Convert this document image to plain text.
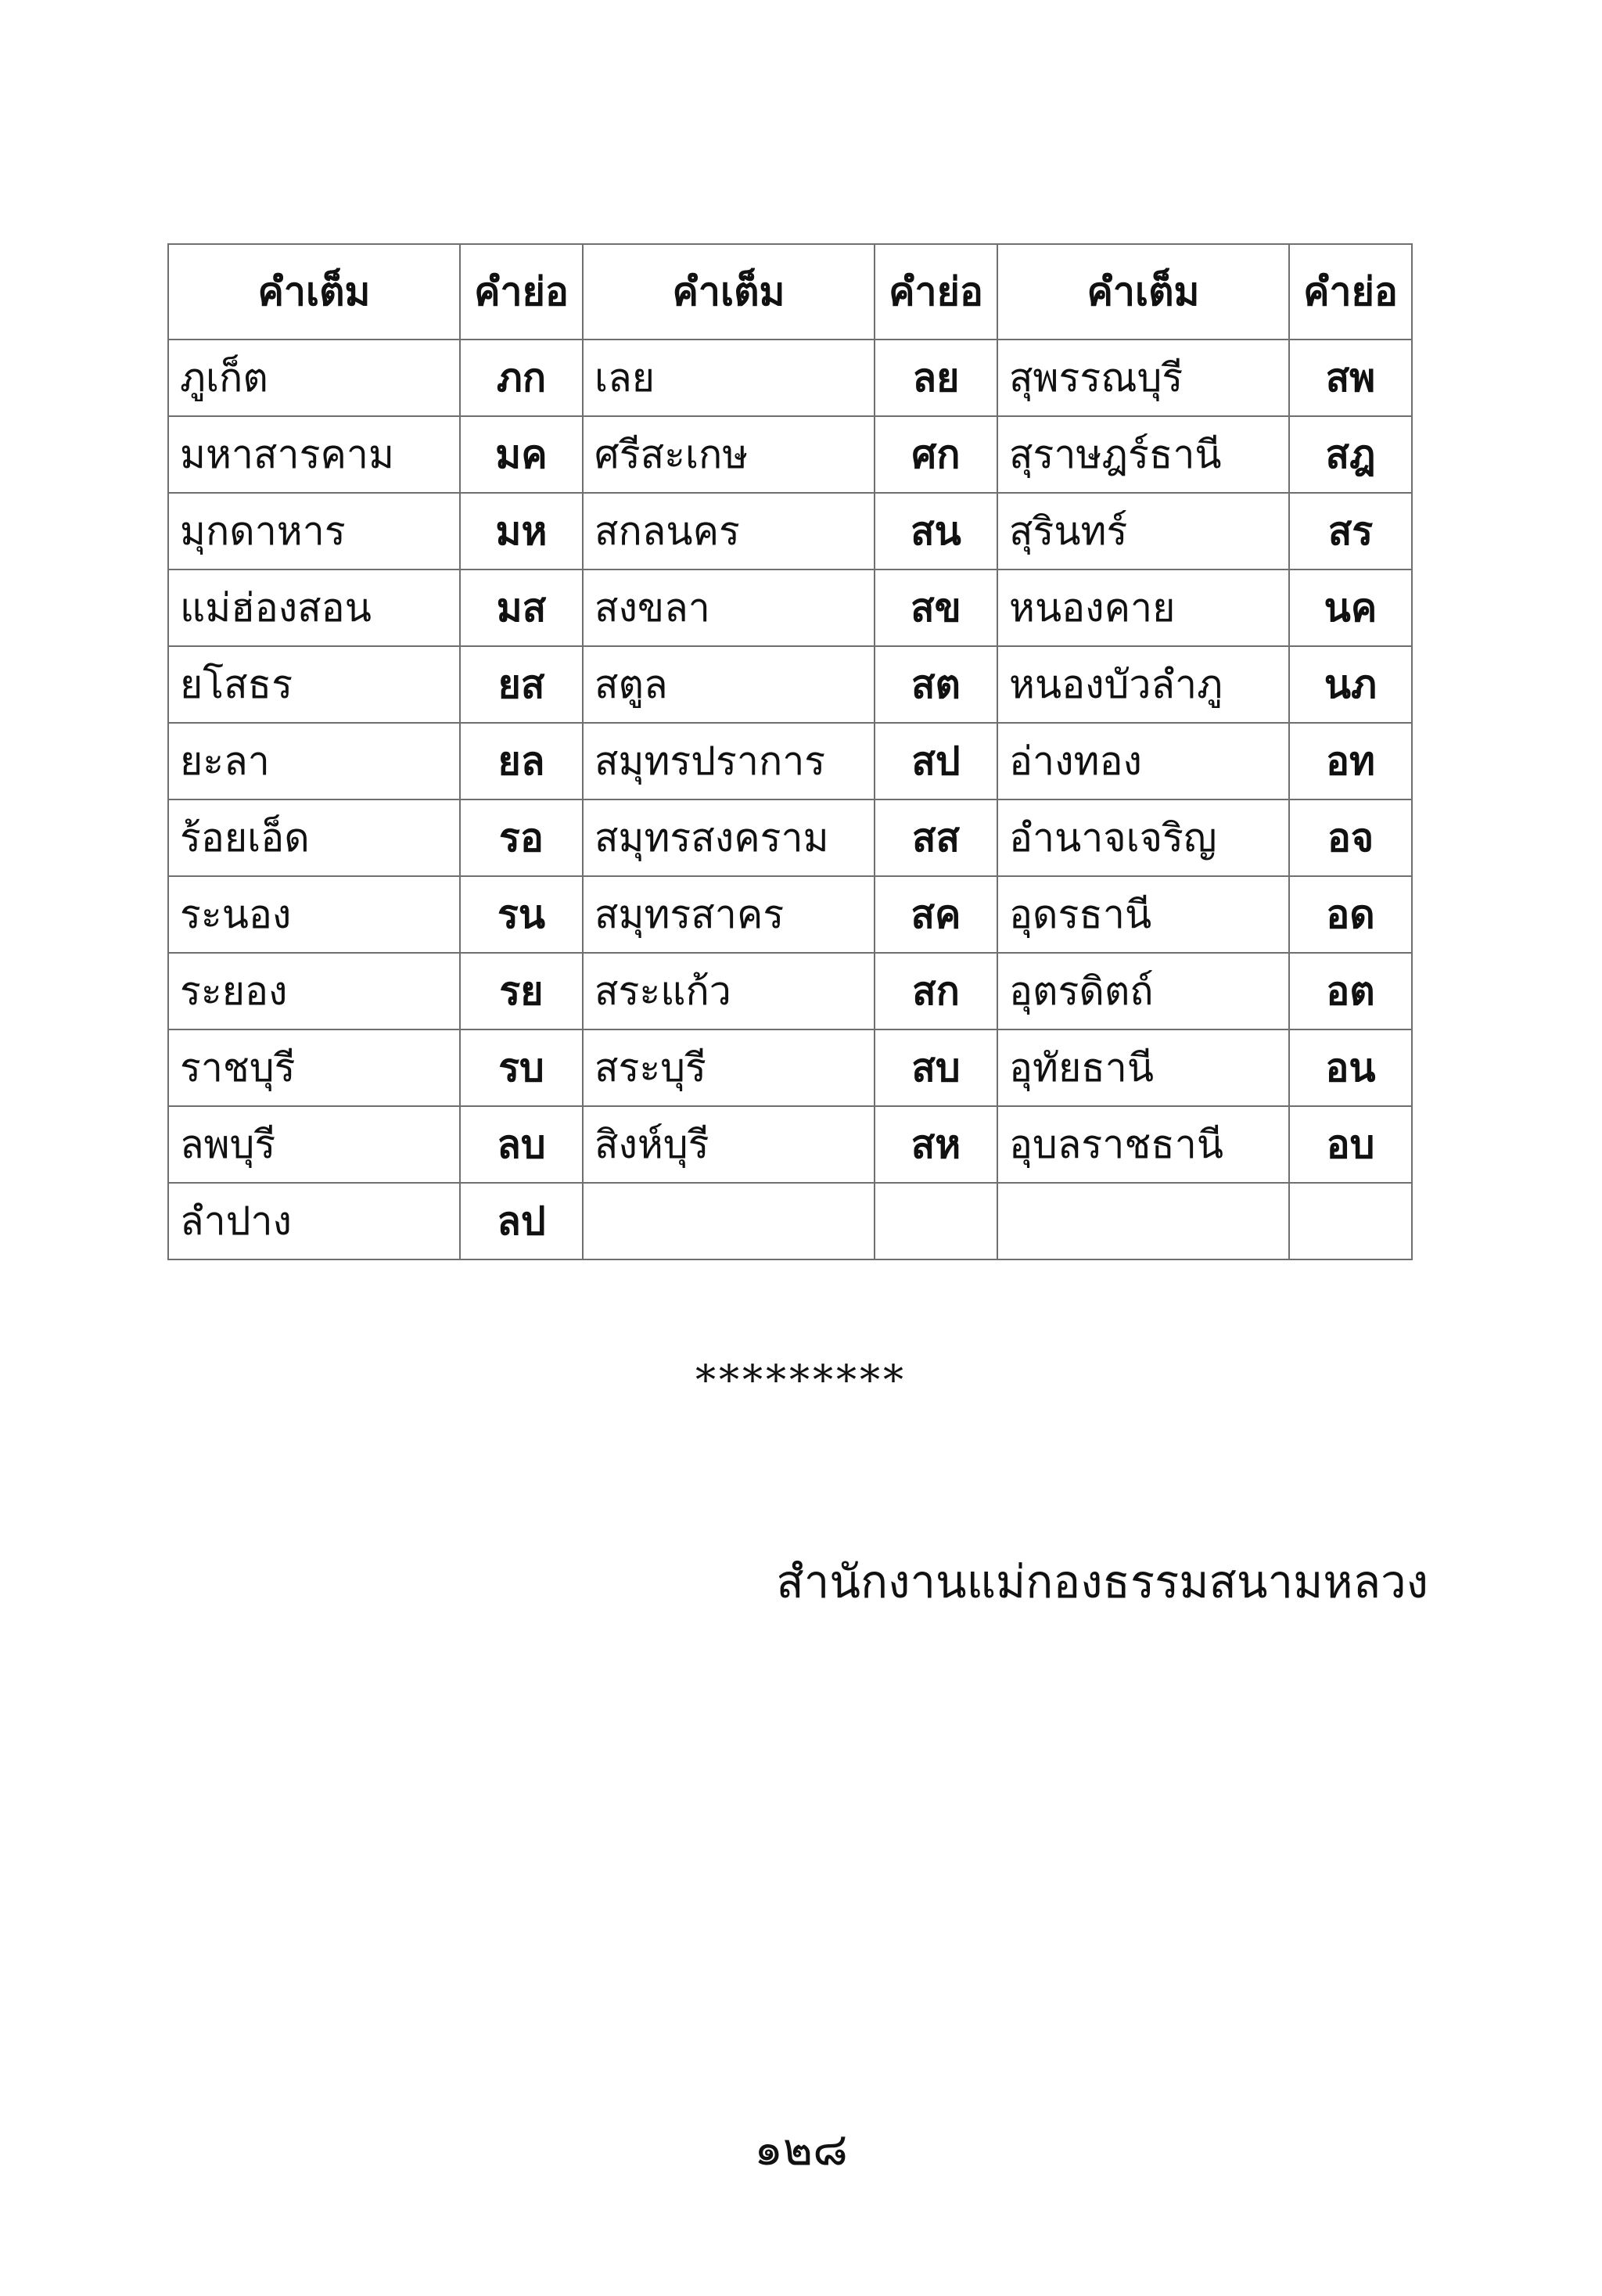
คำเต็ม	คำย่อ	คำเต็ม	คำย่อ	คำเต็ม	คำย่อ
ภูเก็ต	ภก	เลย	ลย	สุพรรณบุรี	สพ
มหาสารคาม	มค	ศรีสะเกษ	ศก	สุราษฎร์ธานี	สฎ
มุกดาหาร	มห	สกลนคร	สน	สุรินทร์	สร
แม่ฮ่องสอน	มส	สงขลา	สข	หนองคาย	นค
ยโสธร	ยส	สตูล	สต	หนองบัวลำภู	นภ
ยะลา	ยล	สมุทรปราการ	สป	อ่างทอง	อท
ร้อยเอ็ด	รอ	สมุทรสงคราม	สส	อำนาจเจริญ	อจ
ระนอง	รน	สมุทรสาคร	สค	อุดรธานี	อด
ระยอง	รย	สระแก้ว	สก	อุตรดิตถ์	อต
ราชบุรี	รบ	สระบุรี	สบ	อุทัยธานี	อน
ลพบุรี	ลบ	สิงห์บุรี	สห	อุบลราชธานี	อบ
ลำปาง	ลป				
*********
สำนักงานแม่กองธรรมสนามหลวง
๑๒๘
